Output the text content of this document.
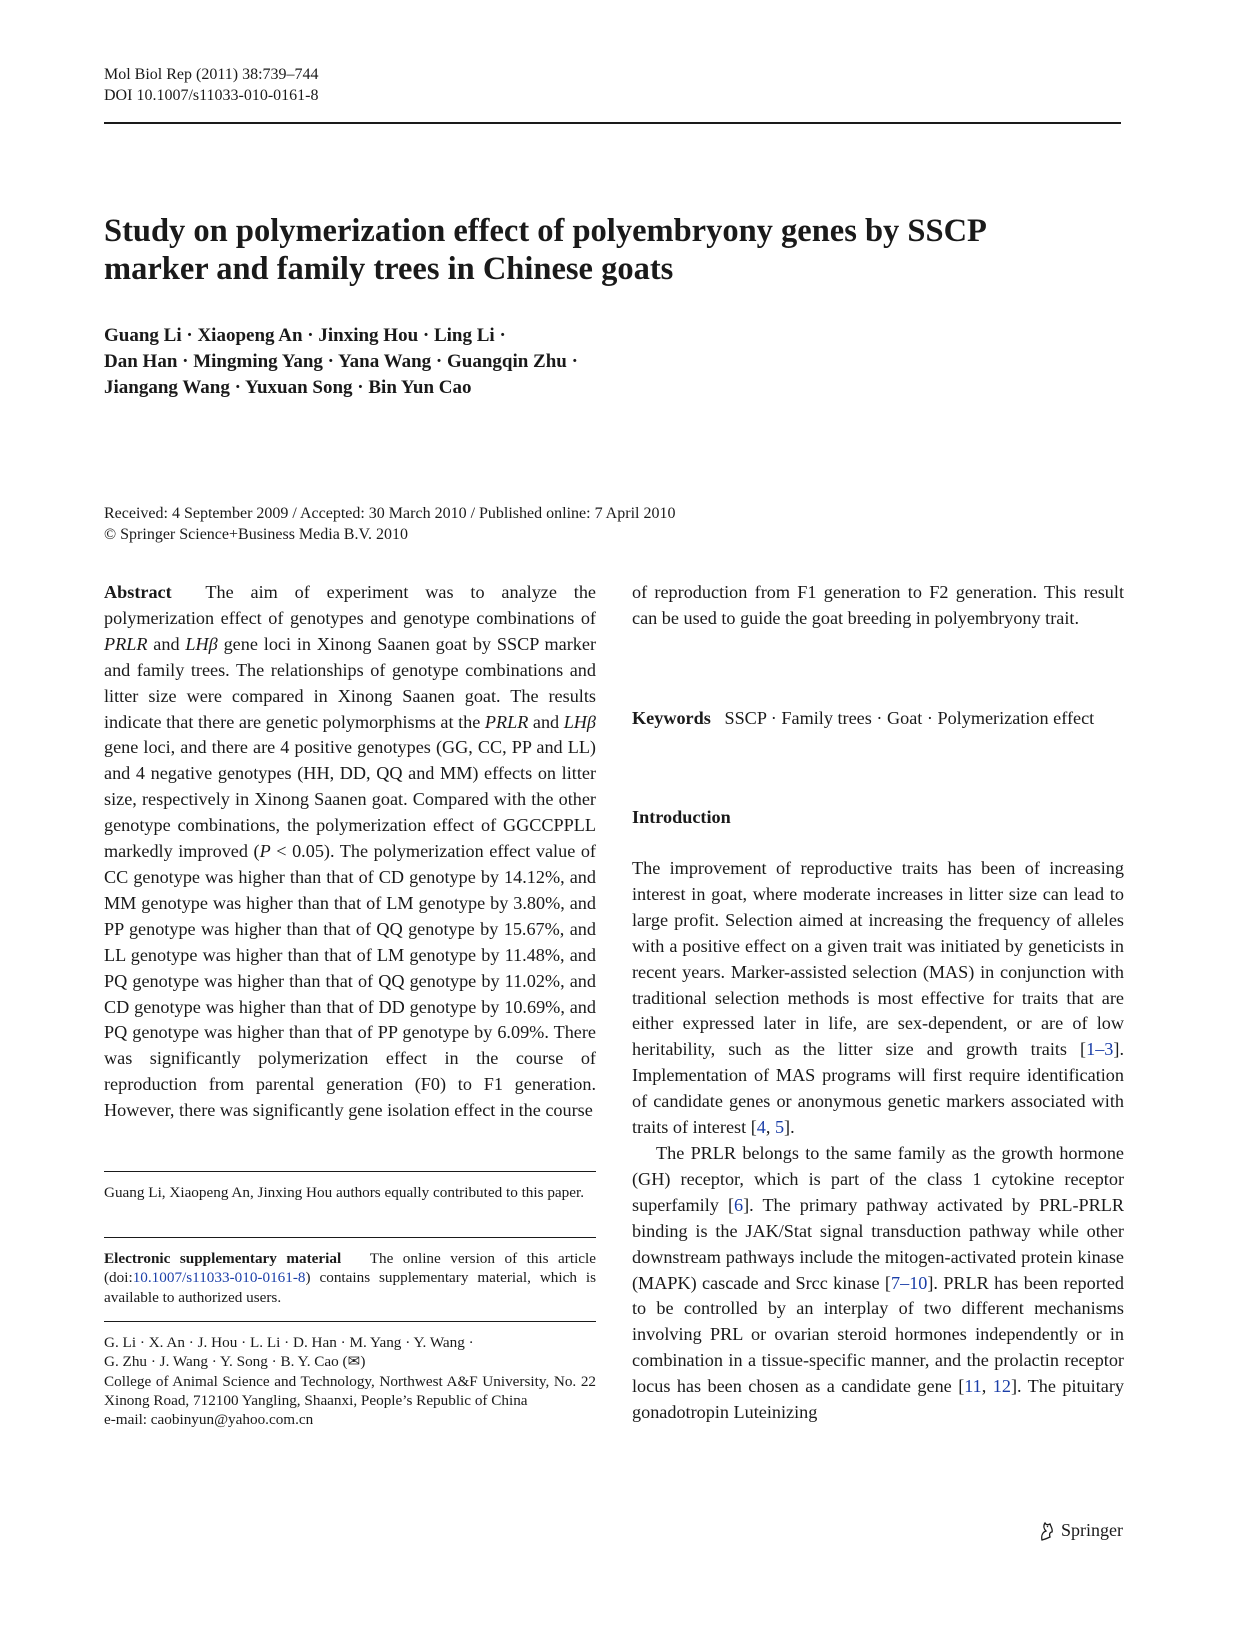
Mol Biol Rep (2011) 38:739–744
DOI 10.1007/s11033-010-0161-8
Study on polymerization effect of polyembryony genes by SSCP
marker and family trees in Chinese goats
Guang Li · Xiaopeng An · Jinxing Hou · Ling Li ·
Dan Han · Mingming Yang · Yana Wang · Guangqin Zhu ·
Jiangang Wang · Yuxuan Song · Bin Yun Cao
Received: 4 September 2009 / Accepted: 30 March 2010 / Published online: 7 April 2010
© Springer Science+Business Media B.V. 2010

Abstract The aim of experiment was to analyze the polymerization effect of genotypes and genotype combinations of PRLR and LHβ gene loci in Xinong Saanen goat by SSCP marker and family trees. The relationships of genotype combinations and litter size were compared in Xinong Saanen goat. The results indicate that there are genetic polymorphisms at the PRLR and LHβ gene loci, and there are 4 positive genotypes (GG, CC, PP and LL) and 4 negative genotypes (HH, DD, QQ and MM) effects on litter size, respectively in Xinong Saanen goat. Compared with the other genotype combinations, the polymerization effect of GGCCPPLL markedly improved (P < 0.05). The polymerization effect value of CC genotype was higher than that of CD genotype by 14.12%, and MM genotype was higher than that of LM genotype by 3.80%, and PP genotype was higher than that of QQ genotype by 15.67%, and LL genotype was higher than that of LM genotype by 11.48%, and PQ genotype was higher than that of QQ genotype by 11.02%, and CD genotype was higher than that of DD genotype by 10.69%, and PQ genotype was higher than that of PP genotype by 6.09%. There was significantly polymerization effect in the course of reproduction from parental generation (F0) to F1 generation. However, there was significantly gene isolation effect in the course

Guang Li, Xiaopeng An, Jinxing Hou authors equally contributed to this paper.

Electronic supplementary material The online version of this article (doi:10.1007/s11033-010-0161-8) contains supplementary material, which is available to authorized users.

G. Li · X. An · J. Hou · L. Li · D. Han · M. Yang · Y. Wang ·

G. Zhu · J. Wang · Y. Song · B. Y. Cao (✉)

College of Animal Science and Technology, Northwest A&F University, No. 22 Xinong Road, 712100 Yangling, Shaanxi, People’s Republic of China

e-mail: caobinyun@yahoo.com.cn

of reproduction from F1 generation to F2 generation. This result can be used to guide the goat breeding in polyembryony trait.

Keywords SSCP · Family trees · Goat · Polymerization effect

Introduction

The improvement of reproductive traits has been of increasing interest in goat, where moderate increases in litter size can lead to large profit. Selection aimed at increasing the frequency of alleles with a positive effect on a given trait was initiated by geneticists in recent years. Marker-assisted selection (MAS) in conjunction with traditional selection methods is most effective for traits that are either expressed later in life, are sex-dependent, or are of low heritability, such as the litter size and growth traits [1–3]. Implementation of MAS programs will first require identification of candidate genes or anonymous genetic markers associated with traits of interest [4, 5].

The PRLR belongs to the same family as the growth hormone (GH) receptor, which is part of the class 1 cytokine receptor superfamily [6]. The primary pathway activated by PRL-PRLR binding is the JAK/Stat signal transduction pathway while other downstream pathways include the mitogen-activated protein kinase (MAPK) cascade and Srcc kinase [7–10]. PRLR has been reported to be controlled by an interplay of two different mechanisms involving PRL or ovarian steroid hormones independently or in combination in a tissue-specific manner, and the prolactin receptor locus has been chosen as a candidate gene [11, 12]. The pituitary gonadotropin Luteinizing

Springer
